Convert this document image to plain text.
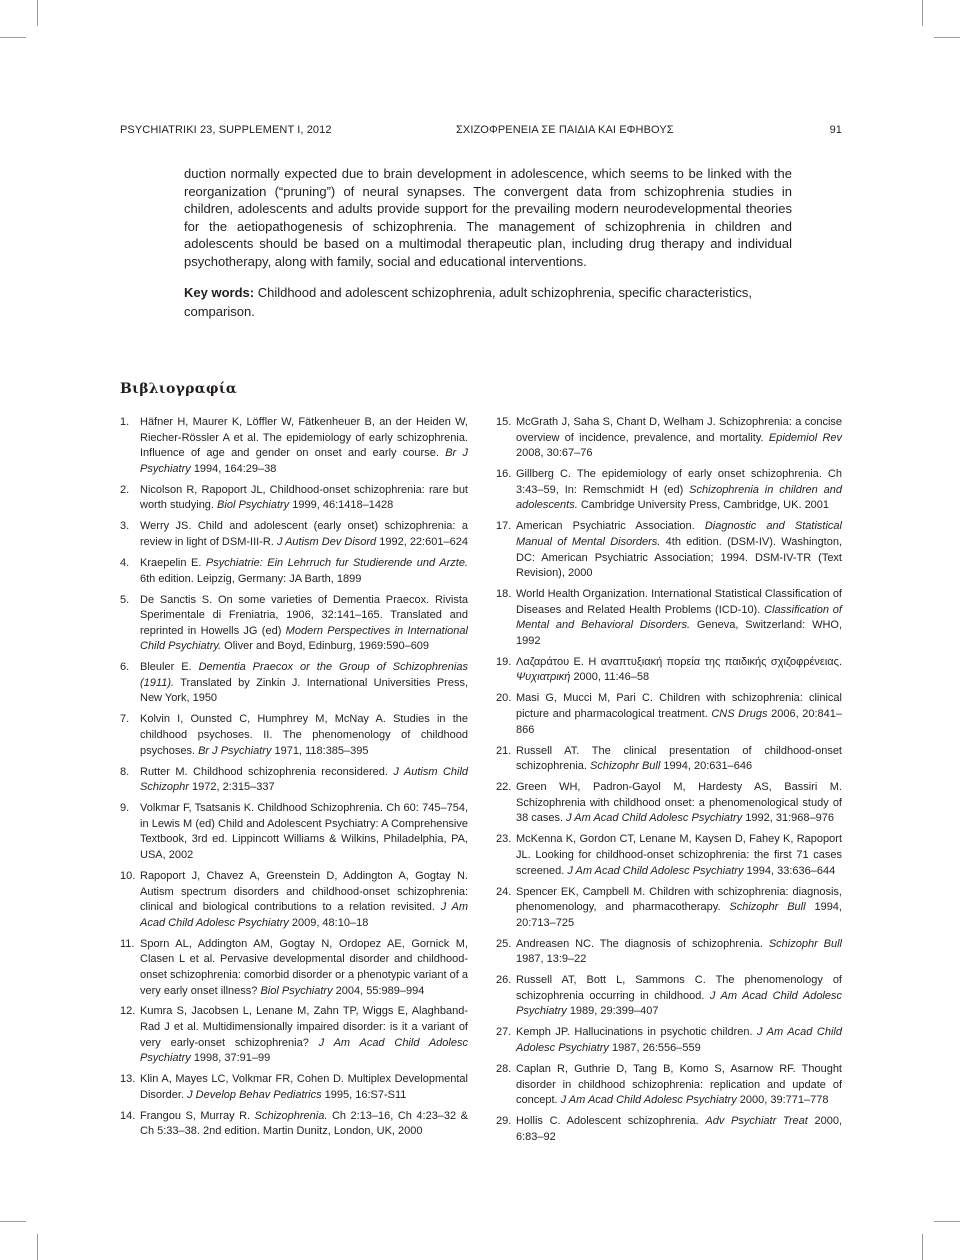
PSYCHIATRIKI 23, SUPPLEMENT I, 2012	ΣΧΙΖΟΦΡΕΝΕΙΑ ΣΕ ΠΑΙΔΙΑ ΚΑΙ ΕΦΗΒΟΥΣ	91

duction normally expected due to brain development in adolescence, which seems to be linked with the reorganization (“pruning”) of neural synapses. The convergent data from schizophrenia studies in children, adolescents and adults provide support for the prevailing modern neurodevelopmental theories for the aetiopathogenesis of schizophrenia. The management of schizophrenia in children and adolescents should be based on a multimodal therapeutic plan, including drug therapy and individual psychotherapy, along with family, social and educational interventions.

Key words: Childhood and adolescent schizophrenia, adult schizophrenia, specific characteristics, comparison.

Βιβλιογραφία
1. Häfner H, Maurer K, Löffler W, Fätkenheuer B, an der Heiden W, Riecher-Rössler A et al. The epidemiology of early schizophrenia. Influence of age and gender on onset and early course. Br J Psychiatry 1994, 164:29–38
2. Nicolson R, Rapoport JL, Childhood-onset schizophrenia: rare but worth studying. Biol Psychiatry 1999, 46:1418–1428
3. Werry JS. Child and adolescent (early onset) schizophrenia: a review in light of DSM-III-R. J Autism Dev Disord 1992, 22:601–624
4. Kraepelin E. Psychiatrie: Ein Lehrruch fur Studierende und Arzte. 6th edition. Leipzig, Germany: JA Barth, 1899
5. De Sanctis S. On some varieties of Dementia Praecox. Rivista Sperimentale di Freniatria, 1906, 32:141–165. Translated and reprinted in Howells JG (ed) Modern Perspectives in International Child Psychiatry. Oliver and Boyd, Edinburg, 1969:590–609
6. Bleuler E. Dementia Praecox or the Group of Schizophrenias (1911). Translated by Zinkin J. International Universities Press, New York, 1950
7. Kolvin I, Ounsted C, Humphrey M, McNay A. Studies in the childhood psychoses. II. The phenomenology of childhood psychoses. Br J Psychiatry 1971, 118:385–395
8. Rutter M. Childhood schizophrenia reconsidered. J Autism Child Schizophr 1972, 2:315–337
9. Volkmar F, Tsatsanis K. Childhood Schizophrenia. Ch 60: 745–754, in Lewis M (ed) Child and Adolescent Psychiatry: A Comprehensive Textbook, 3rd ed. Lippincott Williams & Wilkins, Philadelphia, PA, USA, 2002
10. Rapoport J, Chavez A, Greenstein D, Addington A, Gogtay N. Autism spectrum disorders and childhood-onset schizophrenia: clinical and biological contributions to a relation revisited. J Am Acad Child Adolesc Psychiatry 2009, 48:10–18
11. Sporn AL, Addington AM, Gogtay N, Ordopez AE, Gornick M, Clasen L et al. Pervasive developmental disorder and childhood-onset schizophrenia: comorbid disorder or a phenotypic variant of a very early onset illness? Biol Psychiatry 2004, 55:989–994
12. Kumra S, Jacobsen L, Lenane M, Zahn TP, Wiggs E, Alaghband-Rad J et al. Multidimensionally impaired disorder: is it a variant of very early-onset schizophrenia? J Am Acad Child Adolesc Psychiatry 1998, 37:91–99
13. Klin A, Mayes LC, Volkmar FR, Cohen D. Multiplex Developmental Disorder. J Develop Behav Pediatrics 1995, 16:S7-S11
14. Frangou S, Murray R. Schizophrenia. Ch 2:13–16, Ch 4:23–32 & Ch 5:33–38. 2nd edition. Martin Dunitz, London, UK, 2000
15. McGrath J, Saha S, Chant D, Welham J. Schizophrenia: a concise overview of incidence, prevalence, and mortality. Epidemiol Rev 2008, 30:67–76
16. Gillberg C. The epidemiology of early onset schizophrenia. Ch 3:43–59, In: Remschmidt H (ed) Schizophrenia in children and adolescents. Cambridge University Press, Cambridge, UK. 2001
17. American Psychiatric Association. Diagnostic and Statistical Manual of Mental Disorders. 4th edition. (DSM-IV). Washington, DC: American Psychiatric Association; 1994. DSM-IV-TR (Text Revision), 2000
18. World Health Organization. International Statistical Classification of Diseases and Related Health Problems (ICD-10). Classification of Mental and Behavioral Disorders. Geneva, Switzerland: WHO, 1992
19. Λαζαράτου Ε. Η αναπτυξιακή πορεία της παιδικής σχιζοφρένειας. Ψυχιατρική 2000, 11:46–58
20. Masi G, Mucci M, Pari C. Children with schizophrenia: clinical picture and pharmacological treatment. CNS Drugs 2006, 20:841–866
21. Russell AT. The clinical presentation of childhood-onset schizophrenia. Schizophr Bull 1994, 20:631–646
22. Green WH, Padron-Gayol M, Hardesty AS, Bassiri M. Schizophrenia with childhood onset: a phenomenological study of 38 cases. J Am Acad Child Adolesc Psychiatry 1992, 31:968–976
23. McKenna K, Gordon CT, Lenane M, Kaysen D, Fahey K, Rapoport JL. Looking for childhood-onset schizophrenia: the first 71 cases screened. J Am Acad Child Adolesc Psychiatry 1994, 33:636–644
24. Spencer EK, Campbell M. Children with schizophrenia: diagnosis, phenomenology, and pharmacotherapy. Schizophr Bull 1994, 20:713–725
25. Andreasen NC. The diagnosis of schizophrenia. Schizophr Bull 1987, 13:9–22
26. Russell AT, Bott L, Sammons C. The phenomenology of schizophrenia occurring in childhood. J Am Acad Child Adolesc Psychiatry 1989, 29:399–407
27. Kemph JP. Hallucinations in psychotic children. J Am Acad Child Adolesc Psychiatry 1987, 26:556–559
28. Caplan R, Guthrie D, Tang B, Komo S, Asarnow RF. Thought disorder in childhood schizophrenia: replication and update of concept. J Am Acad Child Adolesc Psychiatry 2000, 39:771–778
29. Hollis C. Adolescent schizophrenia. Adv Psychiatr Treat 2000, 6:83–92
